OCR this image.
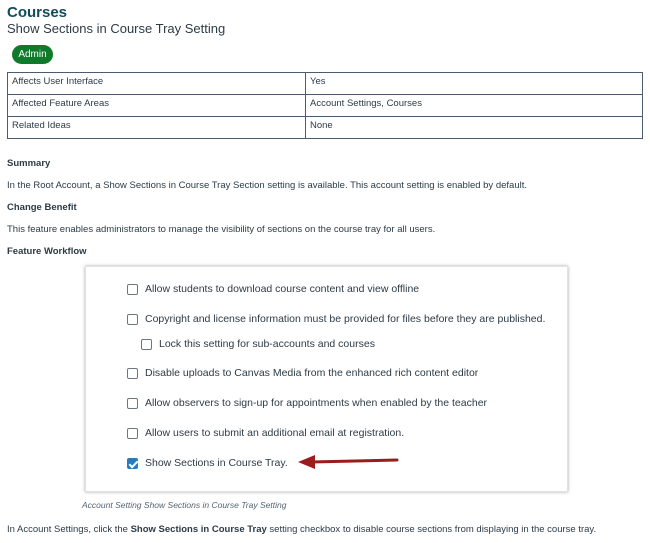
Courses
Show Sections in Course Tray Setting
Admin
Affects User Interface	Yes
Affected Feature Areas	Account Settings, Courses
Related Ideas	None
Summary
In the Root Account, a Show Sections in Course Tray Section setting is available. This account setting is enabled by default.
Change Benefit
This feature enables administrators to manage the visibility of sections on the course tray for all users.
Feature Workflow
Allow students to download course content and view offline
Copyright and license information must be provided for files before they are published.
Lock this setting for sub-accounts and courses
Disable uploads to Canvas Media from the enhanced rich content editor
Allow observers to sign-up for appointments when enabled by the teacher
Allow users to submit an additional email at registration.
Show Sections in Course Tray.
Account Setting Show Sections in Course Tray Setting
In Account Settings, click the Show Sections in Course Tray setting checkbox to disable course sections from displaying in the course tray.
